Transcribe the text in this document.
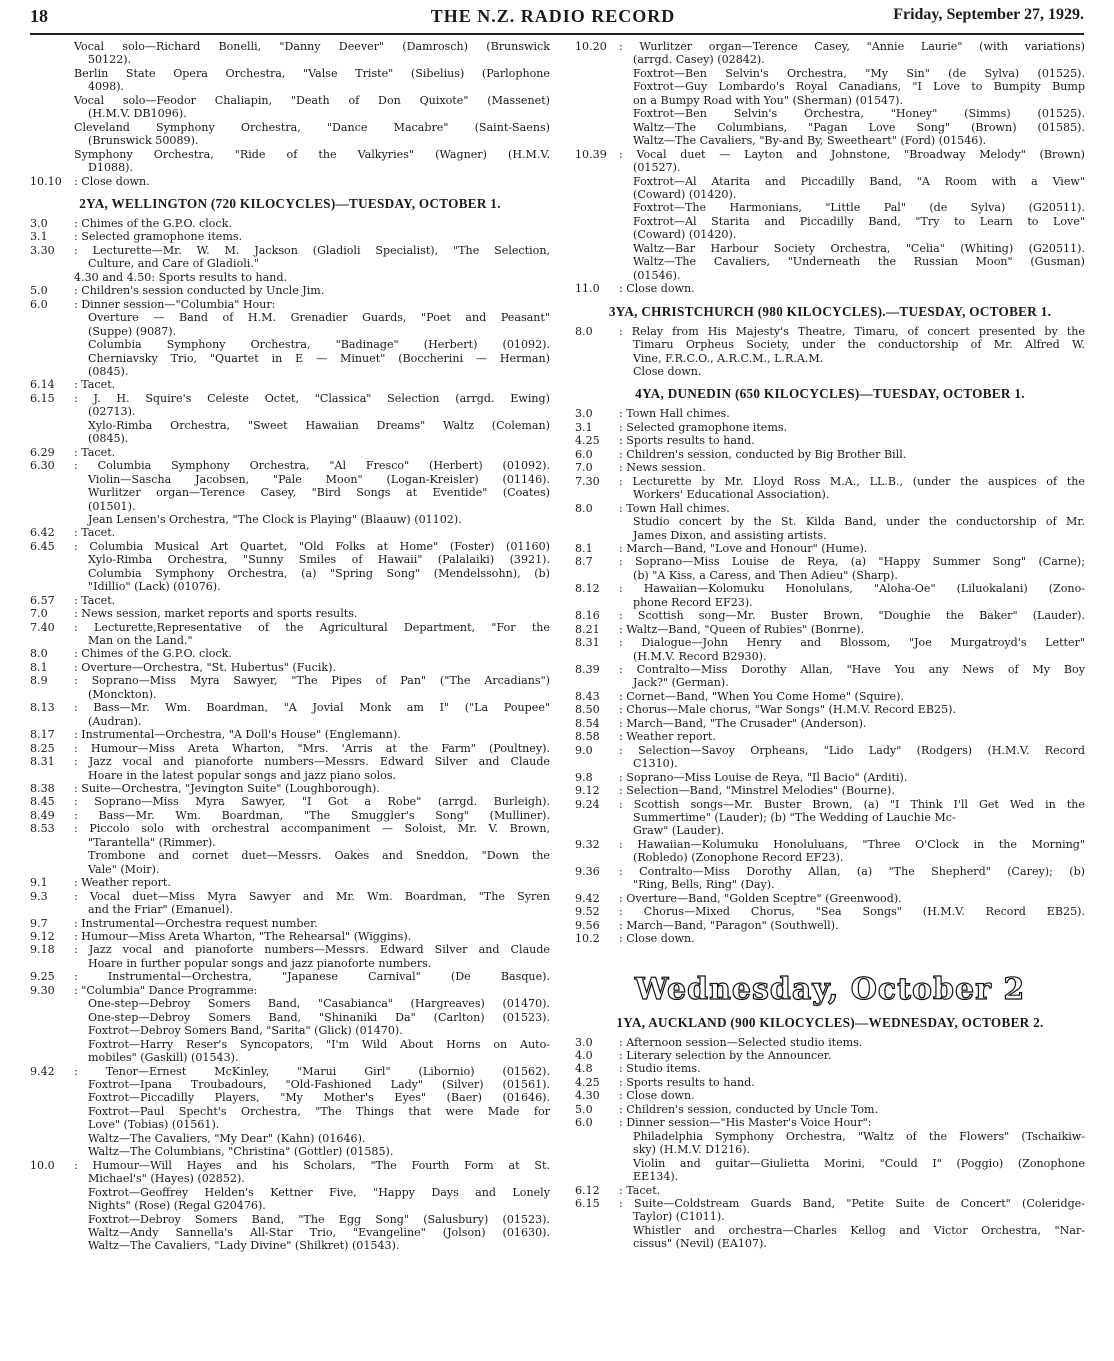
18	THE N.Z. RADIO RECORD	Friday, September 27, 1929.
Vocal solo—Richard Bonelli, "Danny Deever" (Damrosch) (Brunswick
50122).
Berlin State Opera Orchestra, "Valse Triste" (Sibelius) (Parlophone
4098).
Vocal solo—Feodor Chaliapin, "Death of Don Quixote" (Massenet)
(H.M.V. DB1096).
Cleveland Symphony Orchestra, "Dance Macabre" (Saint-Saens)
(Brunswick 50089).
Symphony Orchestra, "Ride of the Valkyries" (Wagner) (H.M.V.
D1088).
10.10	: Close down.
2YA, WELLINGTON (720 KILOCYCLES)—TUESDAY, OCTOBER 1.
3.0	: Chimes of the G.P.O. clock.
3.1	: Selected gramophone items.
3.30	: Lecturette—Mr. W. M. Jackson (Gladioli Specialist), "The Selection,
Culture, and Care of Gladioli."
4.30 and 4.50: Sports results to hand.
5.0	: Children's session conducted by Uncle Jim.
6.0	: Dinner session—"Columbia" Hour:
Overture — Band of H.M. Grenadier Guards, "Poet and Peasant"
(Suppe) (9087).
Columbia Symphony Orchestra, "Badinage" (Herbert) (01092).
Cherniavsky Trio, "Quartet in E — Minuet" (Boccherini — Herman)
(0845).
6.14	: Tacet.
6.15	: J. H. Squire's Celeste Octet, "Classica" Selection (arrgd. Ewing)
(02713).
Xylo-Rimba Orchestra, "Sweet Hawaiian Dreams" Waltz (Coleman)
(0845).
6.29	: Tacet.
6.30	: Columbia Symphony Orchestra, "Al Fresco" (Herbert) (01092).
Violin—Sascha Jacobsen, "Pale Moon" (Logan-Kreisler) (01146).
Wurlitzer organ—Terence Casey, "Bird Songs at Eventide" (Coates)
(01501).
Jean Lensen's Orchestra, "The Clock is Playing" (Blaauw) (01102).
6.42	: Tacet.
6.45	: Columbia Musical Art Quartet, "Old Folks at Home" (Foster) (01160)
Xylo-Rimba Orchestra, "Sunny Smiles of Hawaii" (Palalaiki) (3921).
Columbia Symphony Orchestra, (a) "Spring Song" (Mendelssohn), (b)
"Idillio" (Lack) (01076).
6.57	: Tacet.
7.0	: News session, market reports and sports results.
7.40	: Lecturette,Representative of the Agricultural Department, "For the
Man on the Land."
8.0	: Chimes of the G.P.O. clock.
8.1	: Overture—Orchestra, "St. Hubertus" (Fucik).
8.9	: Soprano—Miss Myra Sawyer, "The Pipes of Pan" ("The Arcadians")
(Monckton).
8.13	: Bass—Mr. Wm. Boardman, "A Jovial Monk am I" ("La Poupee"
(Audran).
8.17	: Instrumental—Orchestra, "A Doll's House" (Englemann).
8.25	: Humour—Miss Areta Wharton, "Mrs. 'Arris at the Farm" (Poultney).
8.31	: Jazz vocal and pianoforte numbers—Messrs. Edward Silver and Claude
Hoare in the latest popular songs and jazz piano solos.
8.38	: Suite—Orchestra, "Jevington Suite" (Loughborough).
8.45	: Soprano—Miss Myra Sawyer, "I Got a Robe" (arrgd. Burleigh).
8.49	: Bass—Mr. Wm. Boardman, "The Smuggler's Song" (Mulliner).
8.53	: Piccolo solo with orchestral accompaniment — Soloist, Mr. V. Brown,
"Tarantella" (Rimmer).
Trombone and cornet duet—Messrs. Oakes and Sneddon, "Down the
Vale" (Moir).
9.1	: Weather report.
9.3	: Vocal duet—Miss Myra Sawyer and Mr. Wm. Boardman, "The Syren
and the Friar" (Emanuel).
9.7	: Instrumental—Orchestra request number.
9.12	: Humour—Miss Areta Wharton, "The Rehearsal" (Wiggins).
9.18	: Jazz vocal and pianoforte numbers—Messrs. Edward Silver and Claude
Hoare in further popular songs and jazz pianoforte numbers.
9.25	: Instrumental—Orchestra, "Japanese Carnival" (De Basque).
9.30	: "Columbia" Dance Programme:
One-step—Debroy Somers Band, "Casabianca" (Hargreaves) (01470).
One-step—Debroy Somers Band, "Shinaniki Da" (Carlton) (01523).
Foxtrot—Debroy Somers Band, "Sarita" (Glick) (01470).
Foxtrot—Harry Reser's Syncopators, "I'm Wild About Horns on Auto-
mobiles" (Gaskill) (01543).
9.42	: Tenor—Ernest McKinley, "Marui Girl" (Libornio) (01562).
Foxtrot—Ipana Troubadours, "Old-Fashioned Lady" (Silver) (01561).
Foxtrot—Piccadilly Players, "My Mother's Eyes" (Baer) (01646).
Foxtrot—Paul Specht's Orchestra, "The Things that were Made for
Love" (Tobias) (01561).
Waltz—The Cavaliers, "My Dear" (Kahn) (01646).
Waltz—The Columbians, "Christina" (Gottler) (01585).
10.0	: Humour—Will Hayes and his Scholars, "The Fourth Form at St.
Michael's" (Hayes) (02852).
Foxtrot—Geoffrey Helden's Kettner Five, "Happy Days and Lonely
Nights" (Rose) (Regal G20476).
Foxtrot—Debroy Somers Band, "The Egg Song" (Salusbury) (01523).
Waltz—Andy Sannella's All-Star Trio, "Evangeline" (Jolson) (01630).
Waltz—The Cavaliers, "Lady Divine" (Shilkret) (01543).
10.20	: Wurlitzer organ—Terence Casey, "Annie Laurie" (with variations)
(arrgd. Casey) (02842).
Foxtrot—Ben Selvin's Orchestra, "My Sin" (de Sylva) (01525).
Foxtrot—Guy Lombardo's Royal Canadians, "I Love to Bumpity Bump
on a Bumpy Road with You" (Sherman) (01547).
Foxtrot—Ben Selvin's Orchestra, "Honey" (Simms) (01525).
Waltz—The Columbians, "Pagan Love Song" (Brown) (01585).
Waltz—The Cavaliers, "By-and By, Sweetheart" (Ford) (01546).
10.39	: Vocal duet — Layton and Johnstone, "Broadway Melody" (Brown)
(01527).
Foxtrot—Al Atarita and Piccadilly Band, "A Room with a View"
(Coward) (01420).
Foxtrot—The Harmonians, "Little Pal" (de Sylva) (G20511).
Foxtrot—Al Starita and Piccadilly Band, "Try to Learn to Love"
(Coward) (01420).
Waltz—Bar Harbour Society Orchestra, "Celia" (Whiting) (G20511).
Waltz—The Cavaliers, "Underneath the Russian Moon" (Gusman)
(01546).
11.0	: Close down.
3YA, CHRISTCHURCH (980 KILOCYCLES).—TUESDAY, OCTOBER 1.
8.0	: Relay from His Majesty's Theatre, Timaru, of concert presented by the
Timaru Orpheus Society, under the conductorship of Mr. Alfred W.
Vine, F.R.C.O., A.R.C.M., L.R.A.M.
Close down.
4YA, DUNEDIN (650 KILOCYCLES)—TUESDAY, OCTOBER 1.
3.0	: Town Hall chimes.
3.1	: Selected gramophone items.
4.25	: Sports results to hand.
6.0	: Children's session, conducted by Big Brother Bill.
7.0	: News session.
7.30	: Lecturette by Mr. Lloyd Ross M.A., LL.B., (under the auspices of the
Workers' Educational Association).
8.0	: Town Hall chimes.
Studio concert by the St. Kilda Band, under the conductorship of Mr.
James Dixon, and assisting artists.
8.1	: March—Band, "Love and Honour" (Hume).
8.7	: Soprano—Miss Louise de Reya, (a) "Happy Summer Song" (Carne);
(b) "A Kiss, a Caress, and Then Adieu" (Sharp).
8.12	: Hawaiian—Kolomuku Honolulans, "Aloha-Oe" (Liluokalani) (Zono-
phone Record EF23).
8.16	: Scottish song—Mr. Buster Brown, "Doughie the Baker" (Lauder).
8.21	: Waltz—Band, "Queen of Rubies" (Bonrne).
8.31	: Dialogue—John Henry and Blossom, "Joe Murgatroyd's Letter"
(H.M.V. Record B2930).
8.39	: Contralto—Miss Dorothy Allan, "Have You any News of My Boy
Jack?" (German).
8.43	: Cornet—Band, "When You Come Home" (Squire).
8.50	: Chorus—Male chorus, "War Songs" (H.M.V. Record EB25).
8.54	: March—Band, "The Crusader" (Anderson).
8.58	: Weather report.
9.0	: Selection—Savoy Orpheans, "Lido Lady" (Rodgers) (H.M.V. Record
C1310).
9.8	: Soprano—Miss Louise de Reya, "Il Bacio" (Arditi).
9.12	: Selection—Band, "Minstrel Melodies" (Bourne).
9.24	: Scottish songs—Mr. Buster Brown, (a) "I Think I'll Get Wed in the
Summertime" (Lauder); (b) "The Wedding of Lauchie Mc-
Graw" (Lauder).
9.32	: Hawaiian—Kolumuku Honoluluans, "Three O'Clock in the Morning"
(Robledo) (Zonophone Record EF23).
9.36	: Contralto—Miss Dorothy Allan, (a) "The Shepherd" (Carey); (b)
"Ring, Bells, Ring" (Day).
9.42	: Overture—Band, "Golden Sceptre" (Greenwood).
9.52	: Chorus—Mixed Chorus, "Sea Songs" (H.M.V. Record EB25).
9.56	: March—Band, "Paragon" (Southwell).
10.2	: Close down.
Wednesday, October 2
1YA, AUCKLAND (900 KILOCYCLES)—WEDNESDAY, OCTOBER 2.
3.0	: Afternoon session—Selected studio items.
4.0	: Literary selection by the Announcer.
4.8	: Studio items.
4.25	: Sports results to hand.
4.30	: Close down.
5.0	: Children's session, conducted by Uncle Tom.
6.0	: Dinner session—"His Master's Voice Hour":
Philadelphia Symphony Orchestra, "Waltz of the Flowers" (Tschaikiw-
sky) (H.M.V. D1216).
Violin and guitar—Giulietta Morini, "Could I" (Poggio) (Zonophone
EE134).
6.12	: Tacet.
6.15	: Suite—Coldstream Guards Band, "Petite Suite de Concert" (Coleridge-
Taylor) (C1011).
Whistler and orchestra—Charles Kellog and Victor Orchestra, "Nar-
cissus" (Nevil) (EA107).
